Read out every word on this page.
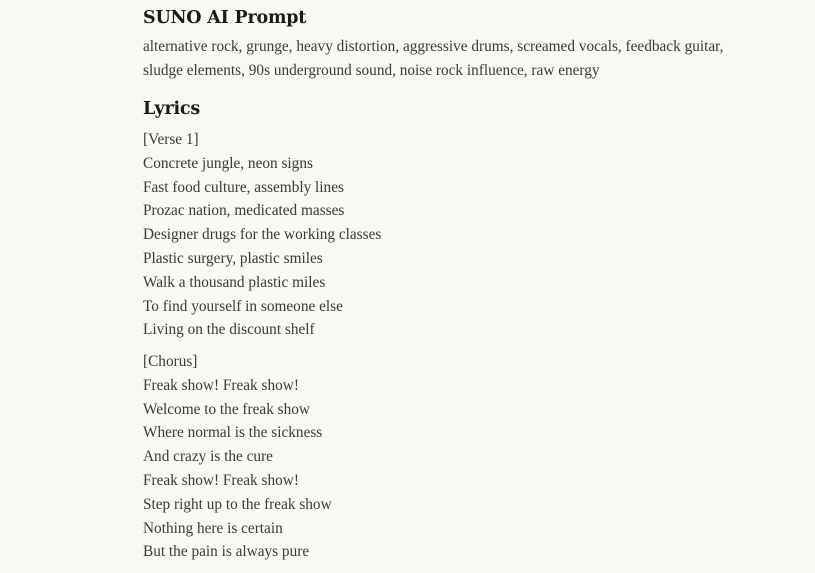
SUNO AI Prompt
alternative rock, grunge, heavy distortion, aggressive drums, screamed vocals, feedback guitar, sludge elements, 90s underground sound, noise rock influence, raw energy
Lyrics
[Verse 1]
Concrete jungle, neon signs
Fast food culture, assembly lines
Prozac nation, medicated masses
Designer drugs for the working classes
Plastic surgery, plastic smiles
Walk a thousand plastic miles
To find yourself in someone else
Living on the discount shelf
[Chorus]
Freak show! Freak show!
Welcome to the freak show
Where normal is the sickness
And crazy is the cure
Freak show! Freak show!
Step right up to the freak show
Nothing here is certain
But the pain is always pure
